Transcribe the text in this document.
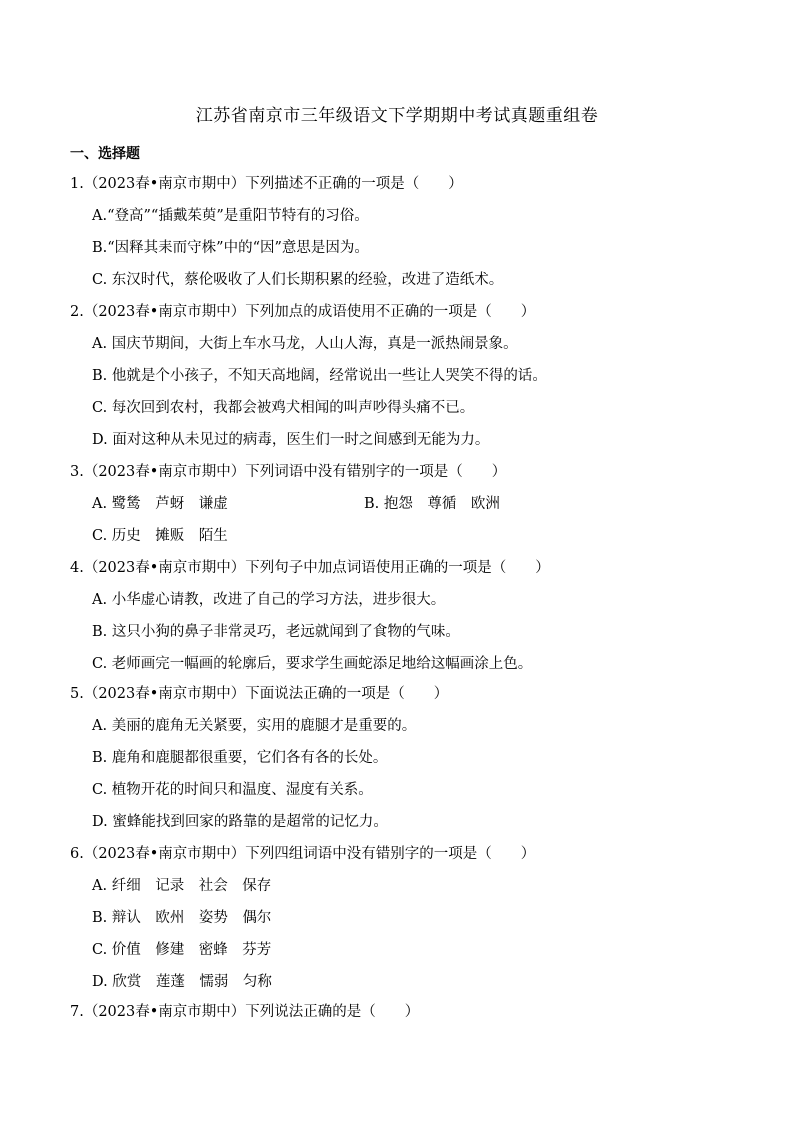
江苏省南京市三年级语文下学期期中考试真题重组卷
一、选择题
1.（2023春•南京市期中）下列描述不正确的一项是（　　）
A.“登高”“插戴茱萸”是重阳节特有的习俗。
B.“因释其耒而守株”中的“因”意思是因为。
C. 东汉时代，蔡伦吸收了人们长期积累的经验，改进了造纸术。
2.（2023春•南京市期中）下列加点的成语使用不正确的一项是（　　）
A. 国庆节期间，大街上车水马龙，人山人海，真是一派热闹景象。
B. 他就是个小孩子，不知天高地阔，经常说出一些让人哭笑不得的话。
C. 每次回到农村，我都会被鸡犬相闻的叫声吵得头痛不已。
D. 面对这种从未见过的病毒，医生们一时之间感到无能为力。
3.（2023春•南京市期中）下列词语中没有错别字的一项是（　　）
A. 鹭鸶　芦蚜　谦虚	B. 抱怨　尊循　欧洲
C. 历史　摊贩　陌生
4.（2023春•南京市期中）下列句子中加点词语使用正确的一项是（　　）
A. 小华虚心请教，改进了自己的学习方法，进步很大。
B. 这只小狗的鼻子非常灵巧，老远就闻到了食物的气味。
C. 老师画完一幅画的轮廓后，要求学生画蛇添足地给这幅画涂上色。
5.（2023春•南京市期中）下面说法正确的一项是（　　）
A. 美丽的鹿角无关紧要，实用的鹿腿才是重要的。
B. 鹿角和鹿腿都很重要，它们各有各的长处。
C. 植物开花的时间只和温度、湿度有关系。
D. 蜜蜂能找到回家的路靠的是超常的记忆力。
6.（2023春•南京市期中）下列四组词语中没有错别字的一项是（　　）
A. 纤细　记录　社会　保存
B. 辩认　欧州　姿势　偶尔
C. 价值　修建　密蜂　芬芳
D. 欣赏　莲蓬　懦弱　匀称
7.（2023春•南京市期中）下列说法正确的是（　　）
